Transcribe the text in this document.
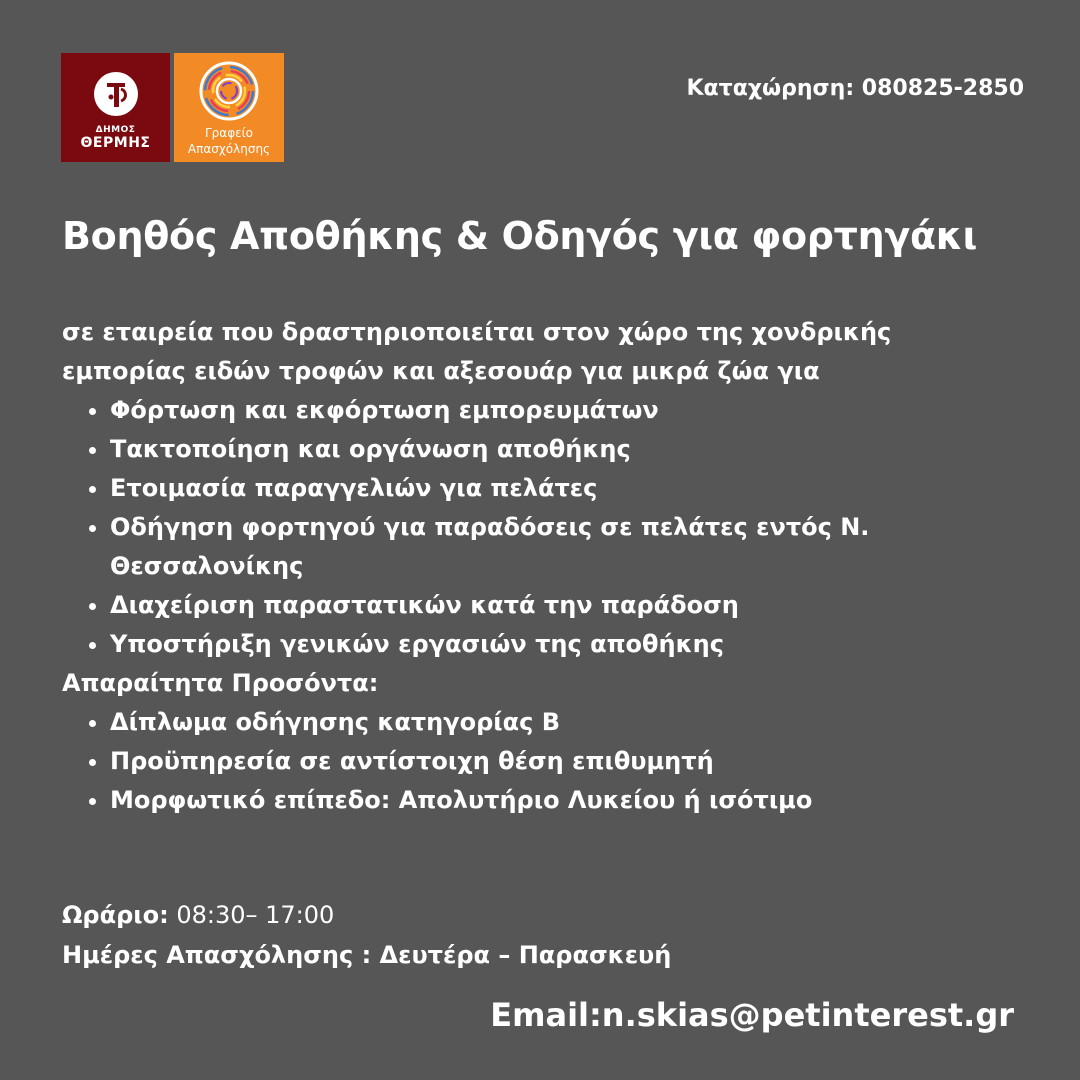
ΔΗΜΟΣ
ΘΕΡΜΗΣ
Γραφείο
Απασχόλησης
Καταχώρηση: 080825-2850
Βοηθός Αποθήκης & Οδηγός για φορτηγάκι

σε εταιρεία που δραστηριοποιείται στον χώρο της χονδρικής εμπορίας ειδών τροφών και αξεσουάρ για μικρά ζώα για

• Φόρτωση και εκφόρτωση εμπορευμάτων
• Τακτοποίηση και οργάνωση αποθήκης
• Ετοιμασία παραγγελιών για πελάτες
• Οδήγηση φορτηγού για παραδόσεις σε πελάτες εντός Ν. Θεσσαλονίκης
• Διαχείριση παραστατικών κατά την παράδοση
• Υποστήριξη γενικών εργασιών της αποθήκης

Απαραίτητα Προσόντα:

• Δίπλωμα οδήγησης κατηγορίας Β
• Προϋπηρεσία σε αντίστοιχη θέση επιθυμητή
• Μορφωτικό επίπεδο: Απολυτήριο Λυκείου ή ισότιμο
Ωράριο: 08:30– 17:00
Ημέρες Απασχόλησης : Δευτέρα – Παρασκευή
Email:n.skias@petinterest.gr
